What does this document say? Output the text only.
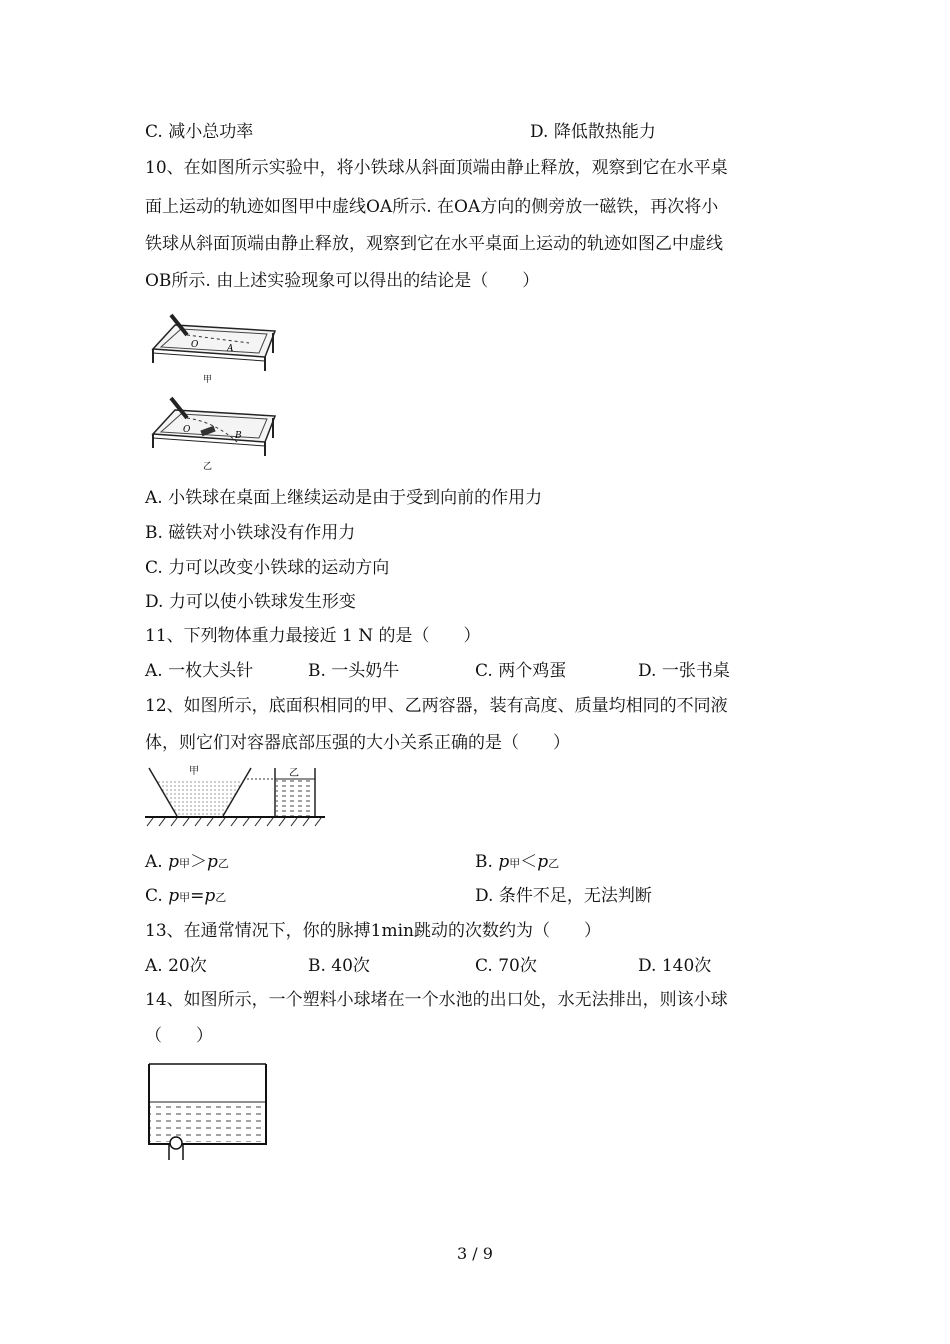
C. 减小总功率	D. 降低散热能力
10、在如图所示实验中，将小铁球从斜面顶端由静止释放，观察到它在水平桌
面上运动的轨迹如图甲中虚线OA所示. 在OA方向的侧旁放一磁铁，再次将小
铁球从斜面顶端由静止释放，观察到它在水平桌面上运动的轨迹如图乙中虚线
OB所示. 由上述实验现象可以得出的结论是（　　）
O	A
甲
O
B
乙
A. 小铁球在桌面上继续运动是由于受到向前的作用力
B. 磁铁对小铁球没有作用力
C. 力可以改变小铁球的运动方向
D. 力可以使小铁球发生形变
11、下列物体重力最接近 1 N 的是（　　）
A. 一枚大头针	B. 一头奶牛	C. 两个鸡蛋	D. 一张书桌
12、如图所示，底面积相同的甲、乙两容器，装有高度、质量均相同的不同液
体，则它们对容器底部压强的大小关系正确的是（　　）
甲	乙
A. p甲＞p乙	B. p甲＜p乙
C. p甲=p乙	D. 条件不足，无法判断
13、在通常情况下，你的脉搏1min跳动的次数约为（　　）
A. 20次	B. 40次	C. 70次	D. 140次
14、如图所示，一个塑料小球堵在一个水池的出口处，水无法排出，则该小球
（　　）
3 / 9
